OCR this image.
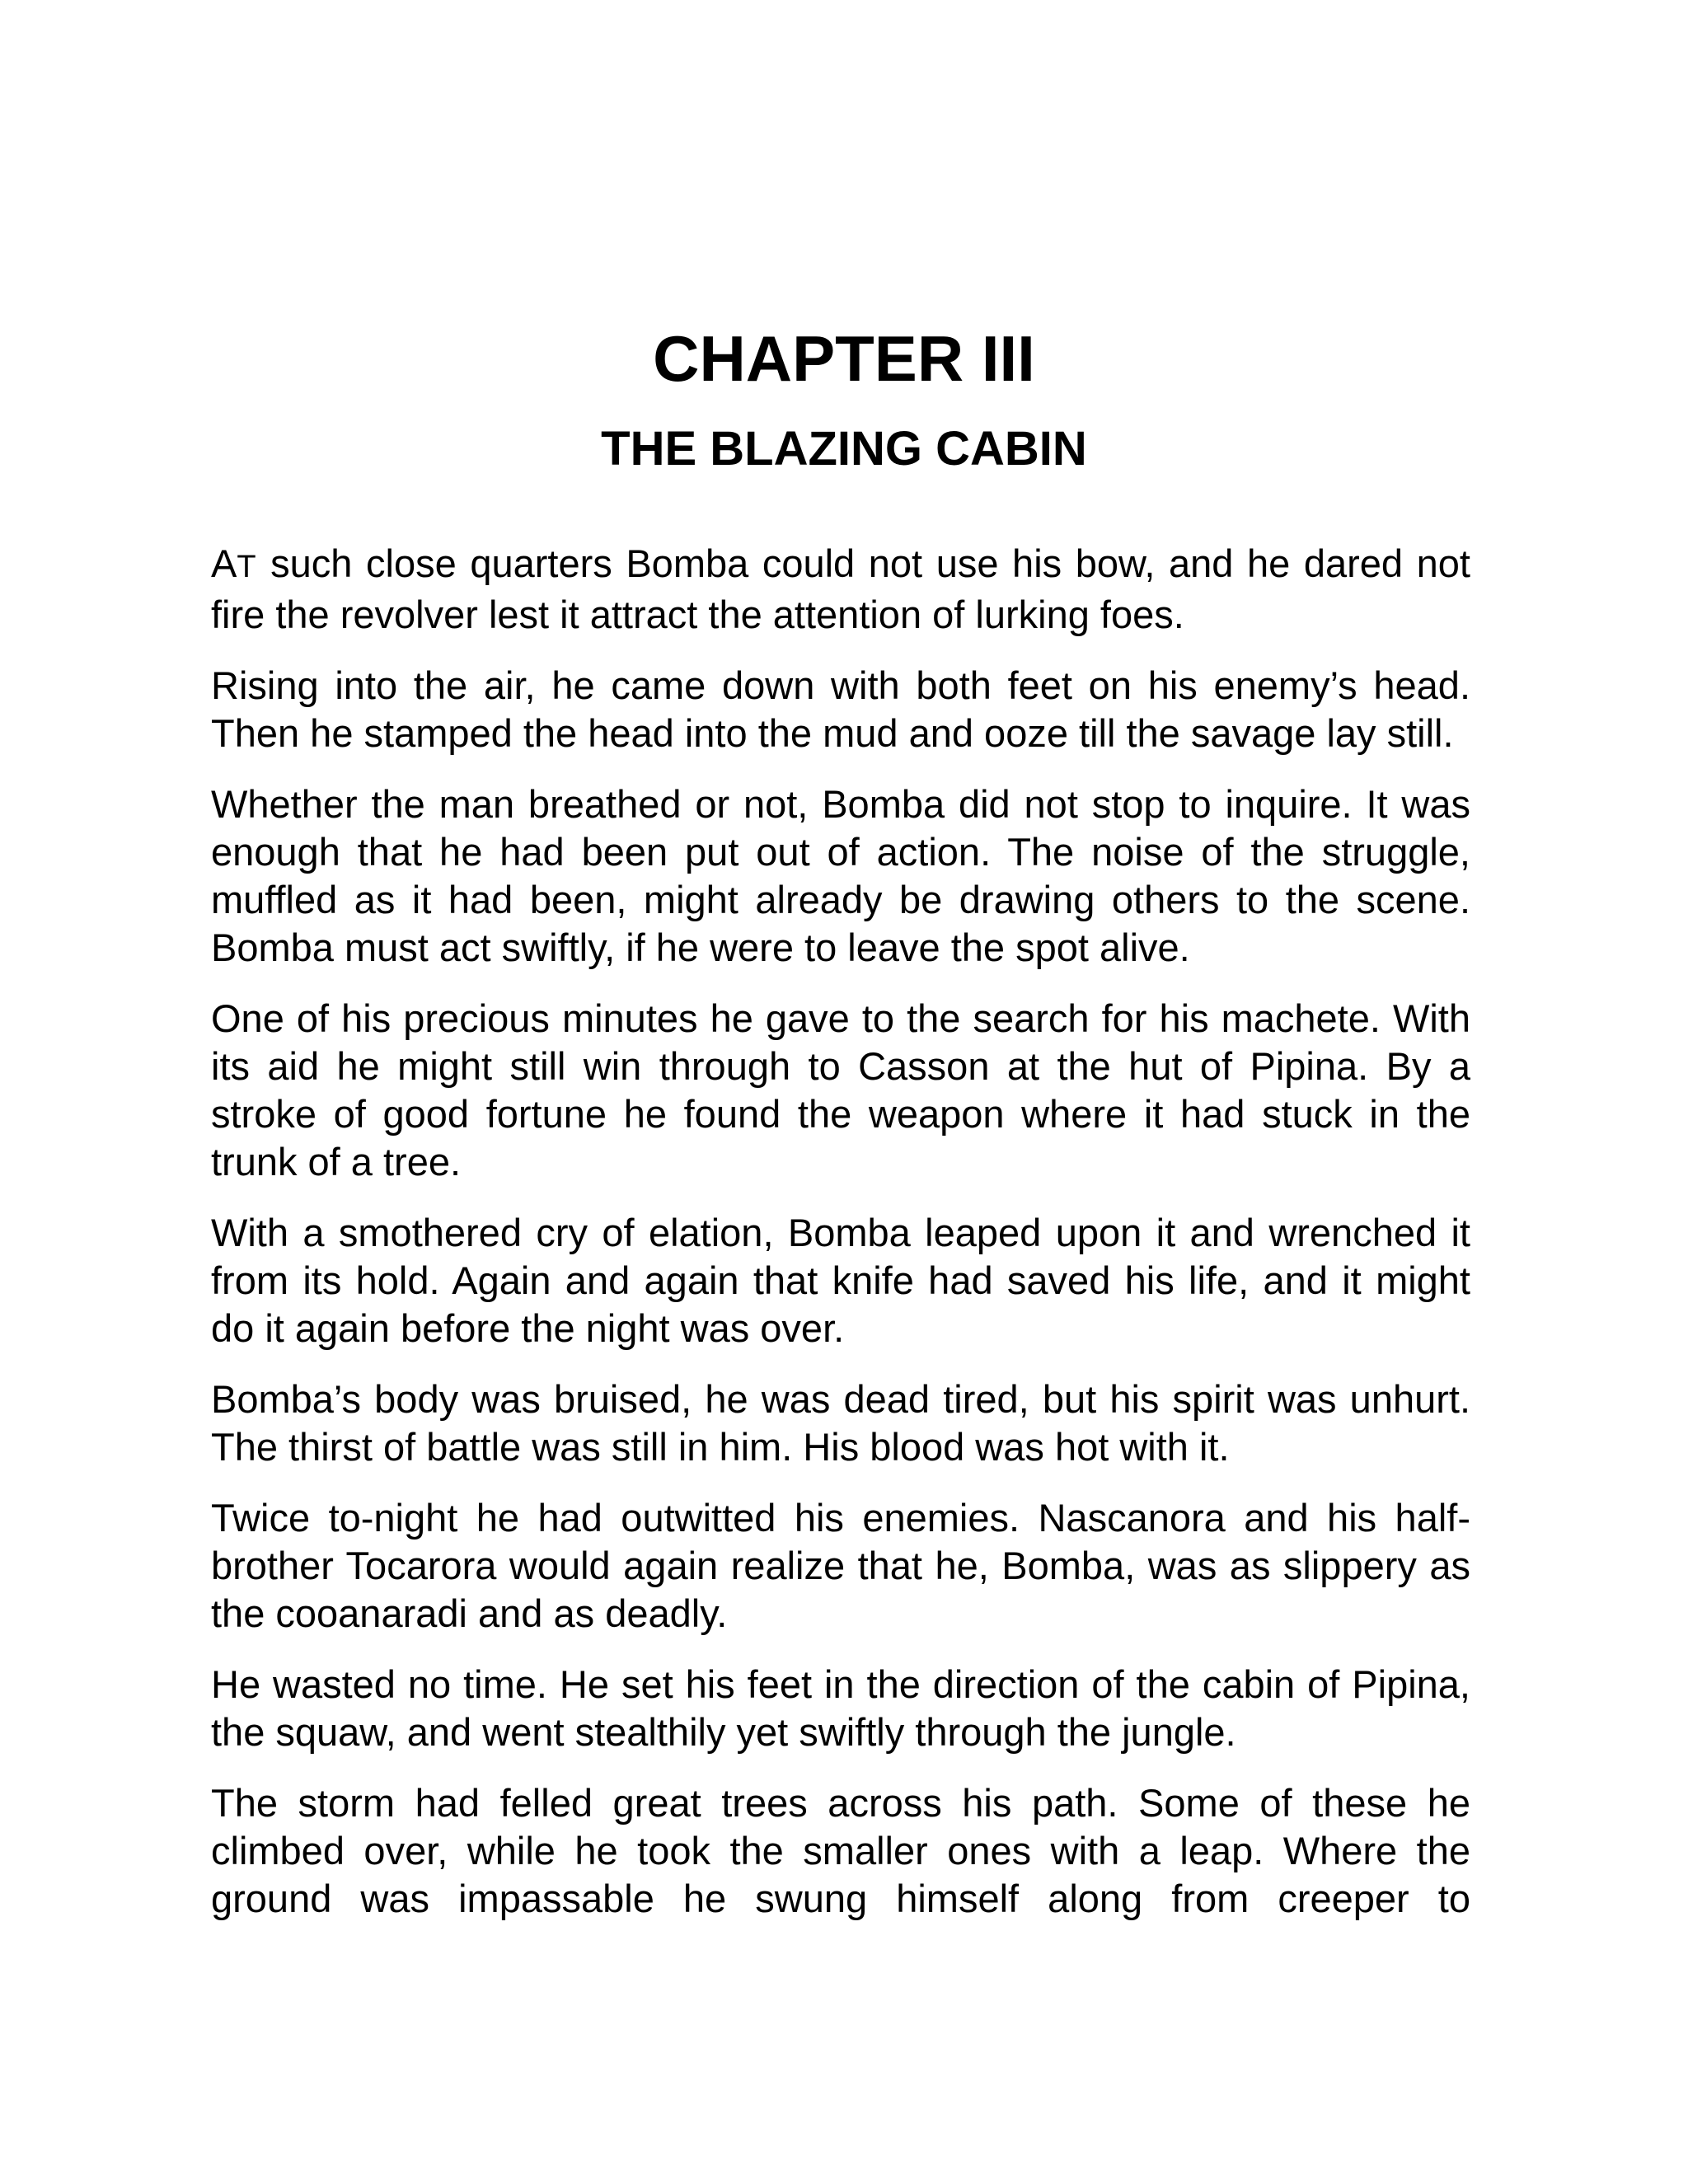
CHAPTER III
THE BLAZING CABIN

AT such close quarters Bomba could not use his bow, and he dared not fire the revolver lest it attract the attention of lurking foes.

Rising into the air, he came down with both feet on his enemy’s head. Then he stamped the head into the mud and ooze till the savage lay still.

Whether the man breathed or not, Bomba did not stop to inquire. It was enough that he had been put out of action. The noise of the struggle, muffled as it had been, might already be drawing others to the scene. Bomba must act swiftly, if he were to leave the spot alive.

One of his precious minutes he gave to the search for his machete. With its aid he might still win through to Casson at the hut of Pipina. By a stroke of good fortune he found the weapon where it had stuck in the trunk of a tree.

With a smothered cry of elation, Bomba leaped upon it and wrenched it from its hold. Again and again that knife had saved his life, and it might do it again before the night was over.

Bomba’s body was bruised, he was dead tired, but his spirit was unhurt. The thirst of battle was still in him. His blood was hot with it.

Twice to-night he had outwitted his enemies. Nascanora and his half-brother Tocarora would again realize that he, Bomba, was as slippery as the cooanaradi and as deadly.

He wasted no time. He set his feet in the direction of the cabin of Pipina, the squaw, and went stealthily yet swiftly through the jungle.

The storm had felled great trees across his path. Some of these he climbed over, while he took the smaller ones with a leap. Where the ground was impassable he swung himself along from creeper to
